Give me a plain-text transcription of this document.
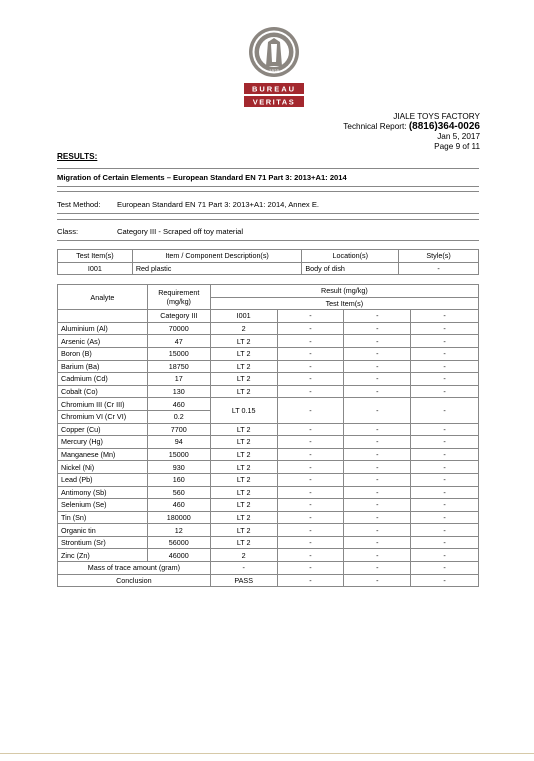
1828
BUREAU
VERITAS
JIALE TOYS FACTORY
Technical Report: (8816)364-0026
Jan 5, 2017
Page 9 of 11
RESULTS:
Migration of Certain Elements – European Standard EN 71 Part 3: 2013+A1: 2014
Test Method: European Standard EN 71 Part 3: 2013+A1: 2014, Annex E.
Class:	Category III - Scraped off toy material
Test Item(s)	Item / Component Description(s)	Location(s)	Style(s)
I001	Red plastic	Body of dish	-
Analyte	Requirement (mg/kg)	Result (mg/kg)			
		Test Item(s)			
	Category III	I001	-	-	-
Aluminium (Al)	70000	2	-	-	-
Arsenic (As)	47	LT 2	-	-	-
Boron (B)	15000	LT 2	-	-	-
Barium (Ba)	18750	LT 2	-	-	-
Cadmium (Cd)	17	LT 2	-	-	-
Cobalt (Co)	130	LT 2	-	-	-
Chromium III (Cr III)	460	LT 0.15	-	-	-
Chromium VI (Cr VI)	0.2				
Copper (Cu)	7700	LT 2	-	-	-
Mercury (Hg)	94	LT 2	-	-	-
Manganese (Mn)	15000	LT 2	-	-	-
Nickel (Ni)	930	LT 2	-	-	-
Lead (Pb)	160	LT 2	-	-	-
Antimony (Sb)	560	LT 2	-	-	-
Selenium (Se)	460	LT 2	-	-	-
Tin (Sn)	180000	LT 2	-	-	-
Organic tin	12	LT 2	-	-	-
Strontium (Sr)	56000	LT 2	-	-	-
Zinc (Zn)	46000	2	-	-	-
Mass of trace amount (gram)		-	-	-	-
Conclusion		PASS	-	-	-
